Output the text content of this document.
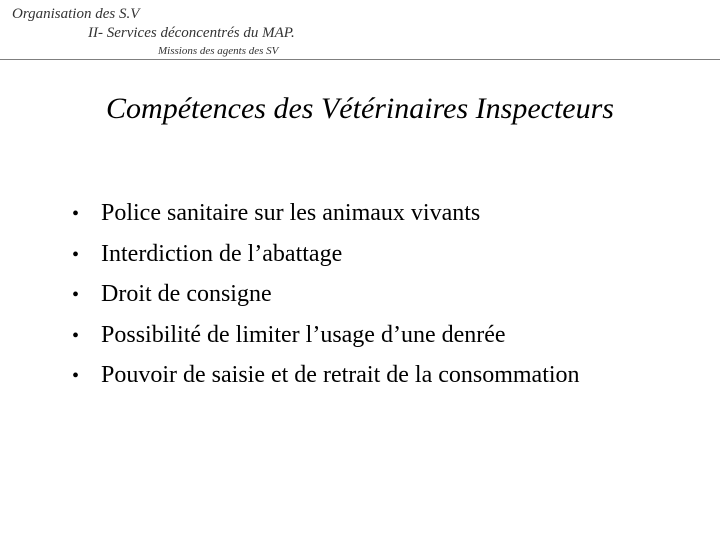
Organisation des S.V
II- Services déconcentrés du MAP.
Missions des agents des SV
Compétences des Vétérinaires Inspecteurs
• Police sanitaire sur les animaux vivants
• Interdiction de l’abattage
• Droit de consigne
• Possibilité de limiter l’usage d’une denrée
• Pouvoir de saisie et de retrait de la consommation
